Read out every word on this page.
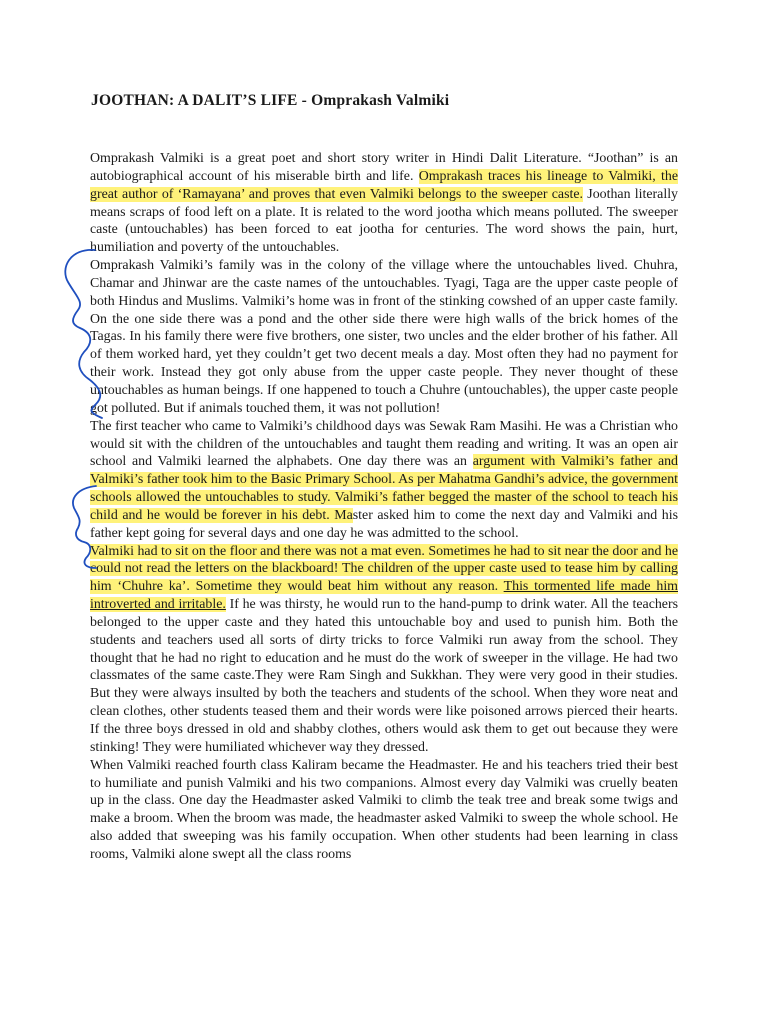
JOOTHAN: A DALIT’S LIFE - Omprakash Valmiki

Omprakash Valmiki is a great poet and short story writer in Hindi Dalit Literature. “Joothan” is an autobiographical account of his miserable birth and life. Omprakash traces his lineage to Valmiki, the great author of ‘Ramayana’ and proves that even Valmiki belongs to the sweeper caste. Joothan literally means scraps of food left on a plate. It is related to the word jootha which means polluted. The sweeper caste (untouchables) has been forced to eat jootha for centuries. The word shows the pain, hurt, humiliation and poverty of the untouchables.

Omprakash Valmiki’s family was in the colony of the village where the untouchables lived. Chuhra, Chamar and Jhinwar are the caste names of the untouchables. Tyagi, Taga are the upper caste people of both Hindus and Muslims. Valmiki’s home was in front of the stinking cowshed of an upper caste family. On the one side there was a pond and the other side there were high walls of the brick homes of the Tagas. In his family there were five brothers, one sister, two uncles and the elder brother of his father. All of them worked hard, yet they couldn’t get two decent meals a day. Most often they had no payment for their work. Instead they got only abuse from the upper caste people. They never thought of these untouchables as human beings. If one happened to touch a Chuhre (untouchables), the upper caste people got polluted. But if animals touched them, it was not pollution!

The first teacher who came to Valmiki’s childhood days was Sewak Ram Masihi. He was a Christian who would sit with the children of the untouchables and taught them reading and writing. It was an open air school and Valmiki learned the alphabets. One day there was an argument with Valmiki’s father and Valmiki’s father took him to the Basic Primary School. As per Mahatma Gandhi’s advice, the government schools allowed the untouchables to study. Valmiki’s father begged the master of the school to teach his child and he would be forever in his debt. Master asked him to come the next day and Valmiki and his father kept going for several days and one day he was admitted to the school.

Valmiki had to sit on the floor and there was not a mat even. Sometimes he had to sit near the door and he could not read the letters on the blackboard! The children of the upper caste used to tease him by calling him ‘Chuhre ka’. Sometime they would beat him without any reason. This tormented life made him introverted and irritable. If he was thirsty, he would run to the hand-pump to drink water. All the teachers belonged to the upper caste and they hated this untouchable boy and used to punish him. Both the students and teachers used all sorts of dirty tricks to force Valmiki run away from the school. They thought that he had no right to education and he must do the work of sweeper in the village. He had two classmates of the same caste.They were Ram Singh and Sukkhan. They were very good in their studies. But they were always insulted by both the teachers and students of the school. When they wore neat and clean clothes, other students teased them and their words were like poisoned arrows pierced their hearts. If the three boys dressed in old and shabby clothes, others would ask them to get out because they were stinking! They were humiliated whichever way they dressed.

When Valmiki reached fourth class Kaliram became the Headmaster. He and his teachers tried their best to humiliate and punish Valmiki and his two companions. Almost every day Valmiki was cruelly beaten up in the class. One day the Headmaster asked Valmiki to climb the teak tree and break some twigs and make a broom. When the broom was made, the headmaster asked Valmiki to sweep the whole school. He also added that sweeping was his family occupation. When other students had been learning in class rooms, Valmiki alone swept all the class rooms
